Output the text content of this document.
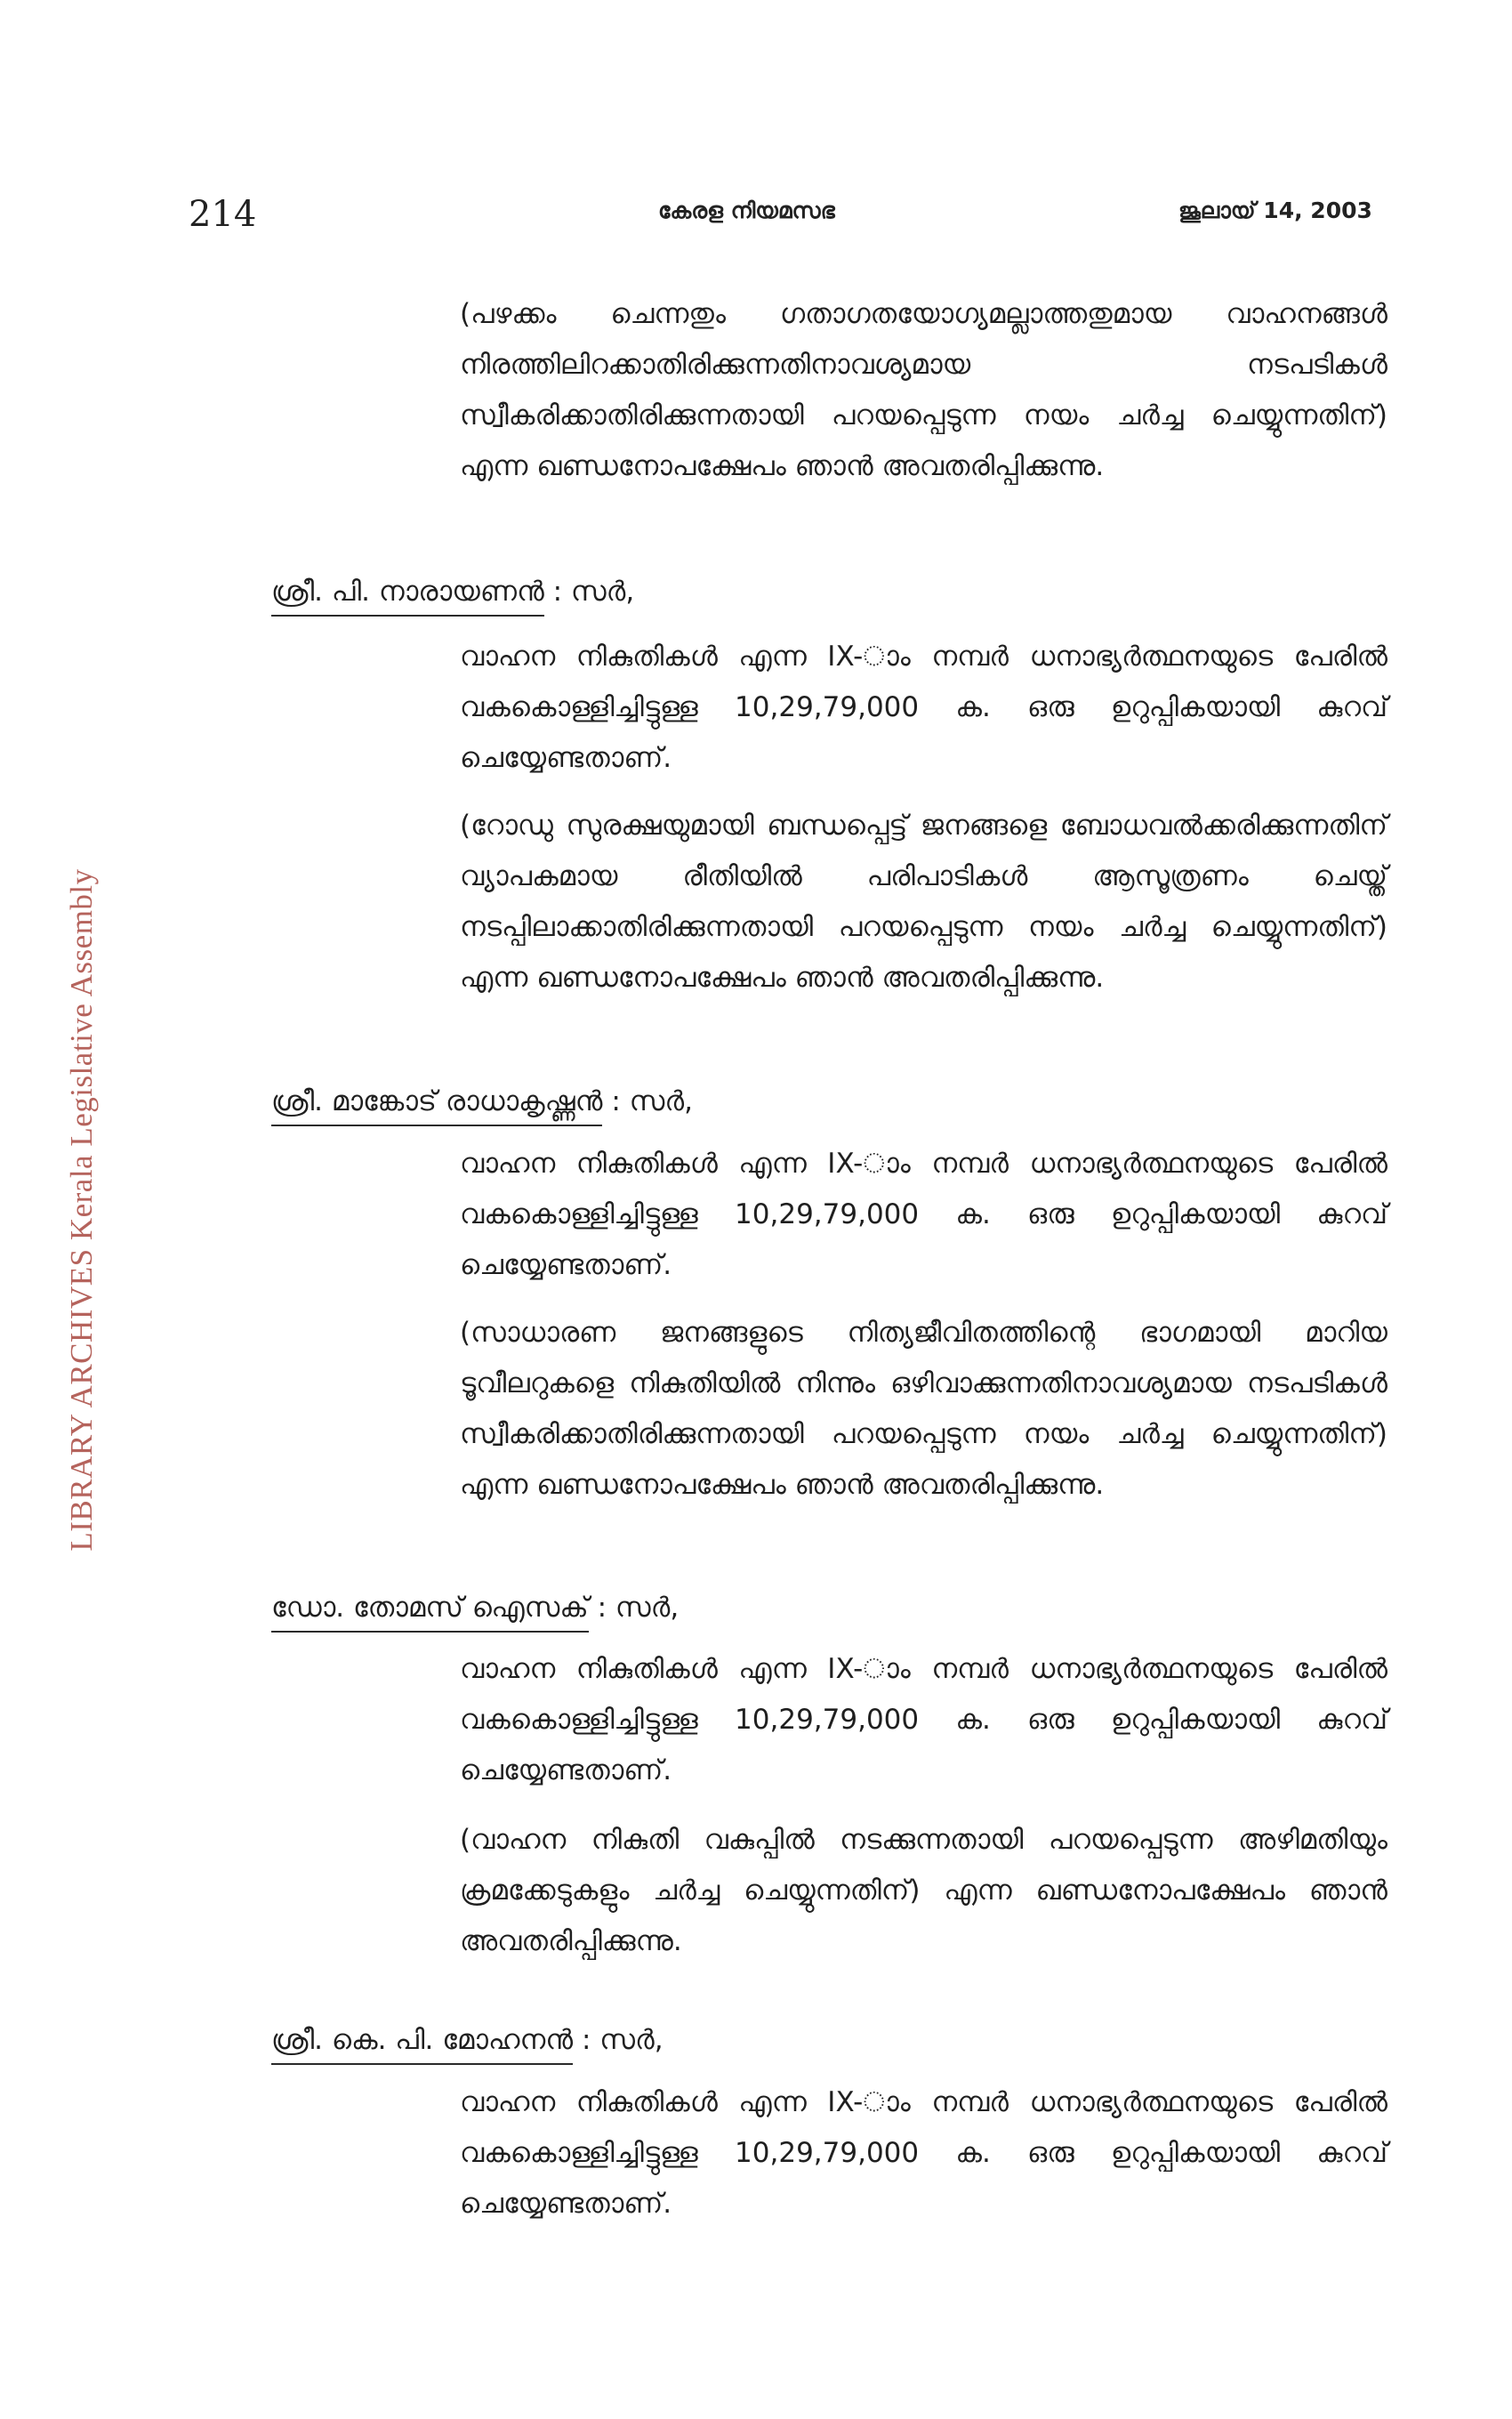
214	കേരള നിയമസഭ	ജൂലായ് 14, 2003
LIBRARY ARCHIVES Kerala Legislative Assembly
(പഴക്കം ചെന്നതും ഗതാഗതയോഗ്യമല്ലാത്തതുമായ വാഹനങ്ങൾ നിരത്തിലിറക്കാതിരിക്കുന്നതിനാവശ്യമായ നടപടികൾ സ്വീകരിക്കാതിരിക്കുന്നതായി പറയപ്പെടുന്ന നയം ചർച്ച ചെയ്യുന്നതിന്) എന്ന ഖണ്ഡനോപക്ഷേപം ഞാൻ അവതരിപ്പിക്കുന്നു.
ശ്രീ. പി. നാരായണൻ : സർ,
വാഹന നികുതികൾ എന്ന IX-ാം നമ്പർ ധനാഭ്യർത്ഥനയുടെ പേരിൽ വകകൊള്ളിച്ചിട്ടുള്ള 10,29,79,000 ക. ഒരു ഉറുപ്പികയായി കുറവ് ചെയ്യേണ്ടതാണ്.
(റോഡു സുരക്ഷയുമായി ബന്ധപ്പെട്ട് ജനങ്ങളെ ബോധവൽക്കരിക്കുന്നതിന് വ്യാപകമായ രീതിയിൽ പരിപാടികൾ ആസൂത്രണം ചെയ്ത് നടപ്പിലാക്കാതിരിക്കുന്നതായി പറയപ്പെടുന്ന നയം ചർച്ച ചെയ്യുന്നതിന്) എന്ന ഖണ്ഡനോപക്ഷേപം ഞാൻ അവതരിപ്പിക്കുന്നു.
ശ്രീ. മാങ്കോട് രാധാകൃഷ്ണൻ : സർ,
വാഹന നികുതികൾ എന്ന IX-ാം നമ്പർ ധനാഭ്യർത്ഥനയുടെ പേരിൽ വകകൊള്ളിച്ചിട്ടുള്ള 10,29,79,000 ക. ഒരു ഉറുപ്പികയായി കുറവ് ചെയ്യേണ്ടതാണ്.
(സാധാരണ ജനങ്ങളുടെ നിത്യജീവിതത്തിന്റെ ഭാഗമായി മാറിയ ടൂവീലറുകളെ നികുതിയിൽ നിന്നും ഒഴിവാക്കുന്നതിനാവശ്യമായ നടപടികൾ സ്വീകരിക്കാതിരിക്കുന്നതായി പറയപ്പെടുന്ന നയം ചർച്ച ചെയ്യുന്നതിന്) എന്ന ഖണ്ഡനോപക്ഷേപം ഞാൻ അവതരിപ്പിക്കുന്നു.
ഡോ. തോമസ് ഐസക് : സർ,
വാഹന നികുതികൾ എന്ന IX-ാം നമ്പർ ധനാഭ്യർത്ഥനയുടെ പേരിൽ വകകൊള്ളിച്ചിട്ടുള്ള 10,29,79,000 ക. ഒരു ഉറുപ്പികയായി കുറവ് ചെയ്യേണ്ടതാണ്.
(വാഹന നികുതി വകുപ്പിൽ നടക്കുന്നതായി പറയപ്പെടുന്ന അഴിമതിയും ക്രമക്കേടുകളും ചർച്ച ചെയ്യുന്നതിന്) എന്ന ഖണ്ഡനോപക്ഷേപം ഞാൻ അവതരിപ്പിക്കുന്നു.
ശ്രീ. കെ. പി. മോഹനൻ : സർ,
വാഹന നികുതികൾ എന്ന IX-ാം നമ്പർ ധനാഭ്യർത്ഥനയുടെ പേരിൽ വകകൊള്ളിച്ചിട്ടുള്ള 10,29,79,000 ക. ഒരു ഉറുപ്പികയായി കുറവ് ചെയ്യേണ്ടതാണ്.
